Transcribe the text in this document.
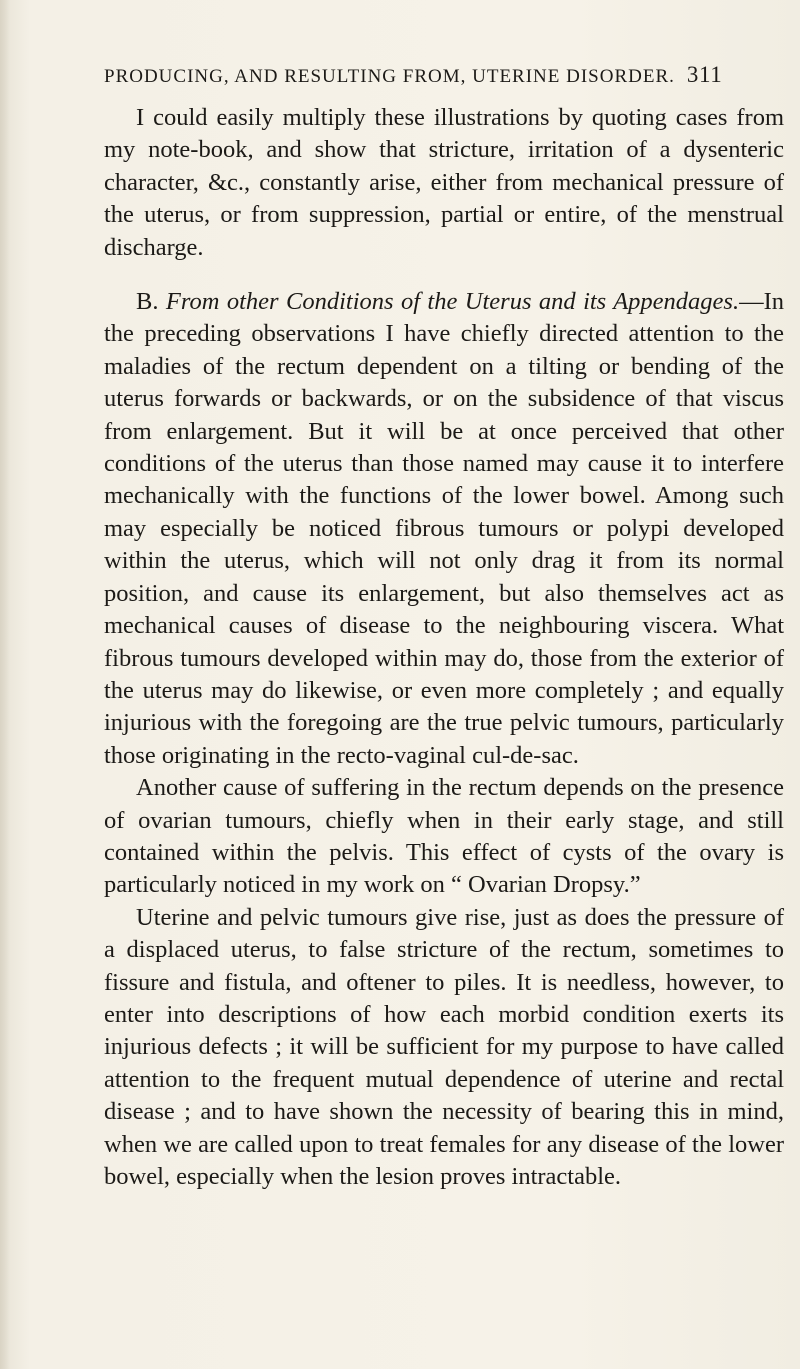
PRODUCING, AND RESULTING FROM, UTERINE DISORDER. 311

I could easily multiply these illustrations by quoting cases from my note-book, and show that stricture, irritation of a dysenteric character, &c., constantly arise, either from mechanical pressure of the uterus, or from suppression, partial or entire, of the menstrual discharge.

B. From other Conditions of the Uterus and its Appendages.—In the preceding observations I have chiefly directed attention to the maladies of the rectum dependent on a tilting or bending of the uterus forwards or backwards, or on the subsidence of that viscus from enlargement. But it will be at once perceived that other conditions of the uterus than those named may cause it to interfere mechanically with the functions of the lower bowel. Among such may especially be noticed fibrous tumours or polypi developed within the uterus, which will not only drag it from its normal position, and cause its enlargement, but also themselves act as mechanical causes of disease to the neighbouring viscera. What fibrous tumours developed within may do, those from the exterior of the uterus may do likewise, or even more completely ; and equally injurious with the foregoing are the true pelvic tumours, particularly those originating in the recto-vaginal cul-de-sac.

Another cause of suffering in the rectum depends on the presence of ovarian tumours, chiefly when in their early stage, and still contained within the pelvis. This effect of cysts of the ovary is particularly noticed in my work on “ Ovarian Dropsy.”

Uterine and pelvic tumours give rise, just as does the pressure of a displaced uterus, to false stricture of the rectum, sometimes to fissure and fistula, and oftener to piles. It is needless, however, to enter into descriptions of how each morbid condition exerts its injurious defects ; it will be sufficient for my purpose to have called attention to the frequent mutual dependence of uterine and rectal disease ; and to have shown the necessity of bearing this in mind, when we are called upon to treat females for any disease of the lower bowel, especially when the lesion proves intractable.
